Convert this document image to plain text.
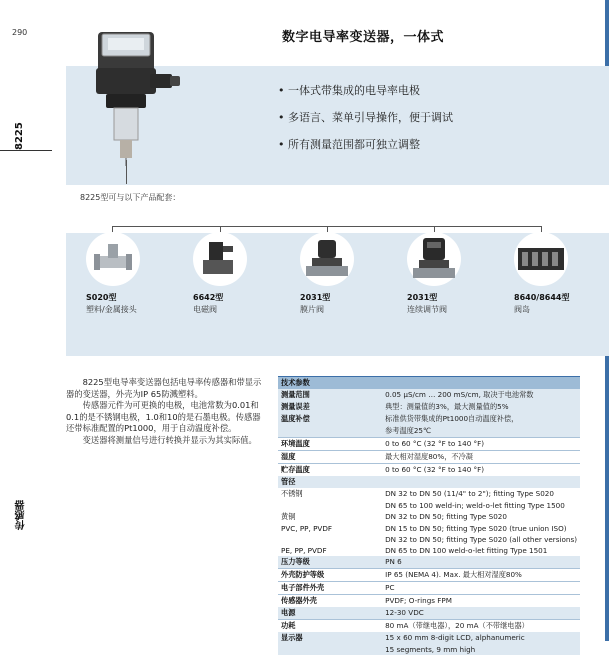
290
8225
传感器
数字电导率变送器，一体式
• 一体式带集成的电导率电极
• 多语言、菜单引导操作，便于调试
• 所有测量范围都可独立调整
8225型可与以下产品配套：
S020型
塑料/金属接头
6642型
电磁阀
2031型
膜片阀
2031型
连续调节阀
8640/8644型
阀岛

8225型电导率变送器包括电导率传感器和带显示器的变送器，外壳为IP 65防溅塑料。

传感器元件为可更换的电极，电池常数为0.01和0.1的是不锈钢电极，1.0和10的是石墨电极。传感器还带标准配置的Pt1000，用于自动温度补偿。

变送器将测量信号进行转换并显示为其实际值。

技术参数	
测量范围	0.05 µS/cm … 200 mS/cm, 取决于电池常数
测量误差	典型：测量值的3%，最大测量值的5%
温度补偿	标准供货带集成的Pt1000自动温度补偿，
	参考温度25℃
环境温度	0 to 60 °C (32 °F to 140 °F)
湿度	最大相对湿度80%，不冷凝
贮存温度	0 to 60 °C (32 °F to 140 °F)
管径	
不锈钢	DN 32 to DN 50 (11/4" to 2"); fitting Type S020
	DN 65 to 100 weld-in; weld-o-let fitting Type 1500
黄铜	DN 32 to DN 50; fitting Type S020
PVC, PP, PVDF	DN 15 to DN 50; fitting Type S020 (true union ISO)
	DN 32 to DN 50; fitting Type S020 (all other versions)
PE, PP, PVDF	DN 65 to DN 100 weld-o-let fitting Type 1501
压力等级	PN 6
外壳防护等级	IP 65 (NEMA 4). Max. 最大相对湿度80%
电子部件外壳	PC
传感器外壳	PVDF; O-rings FPM
电源	12-30 VDC
功耗	80 mA（带继电器），20 mA（不带继电器）
显示器	15 x 60 mm 8-digit LCD, alphanumeric
	15 segments, 9 mm high
